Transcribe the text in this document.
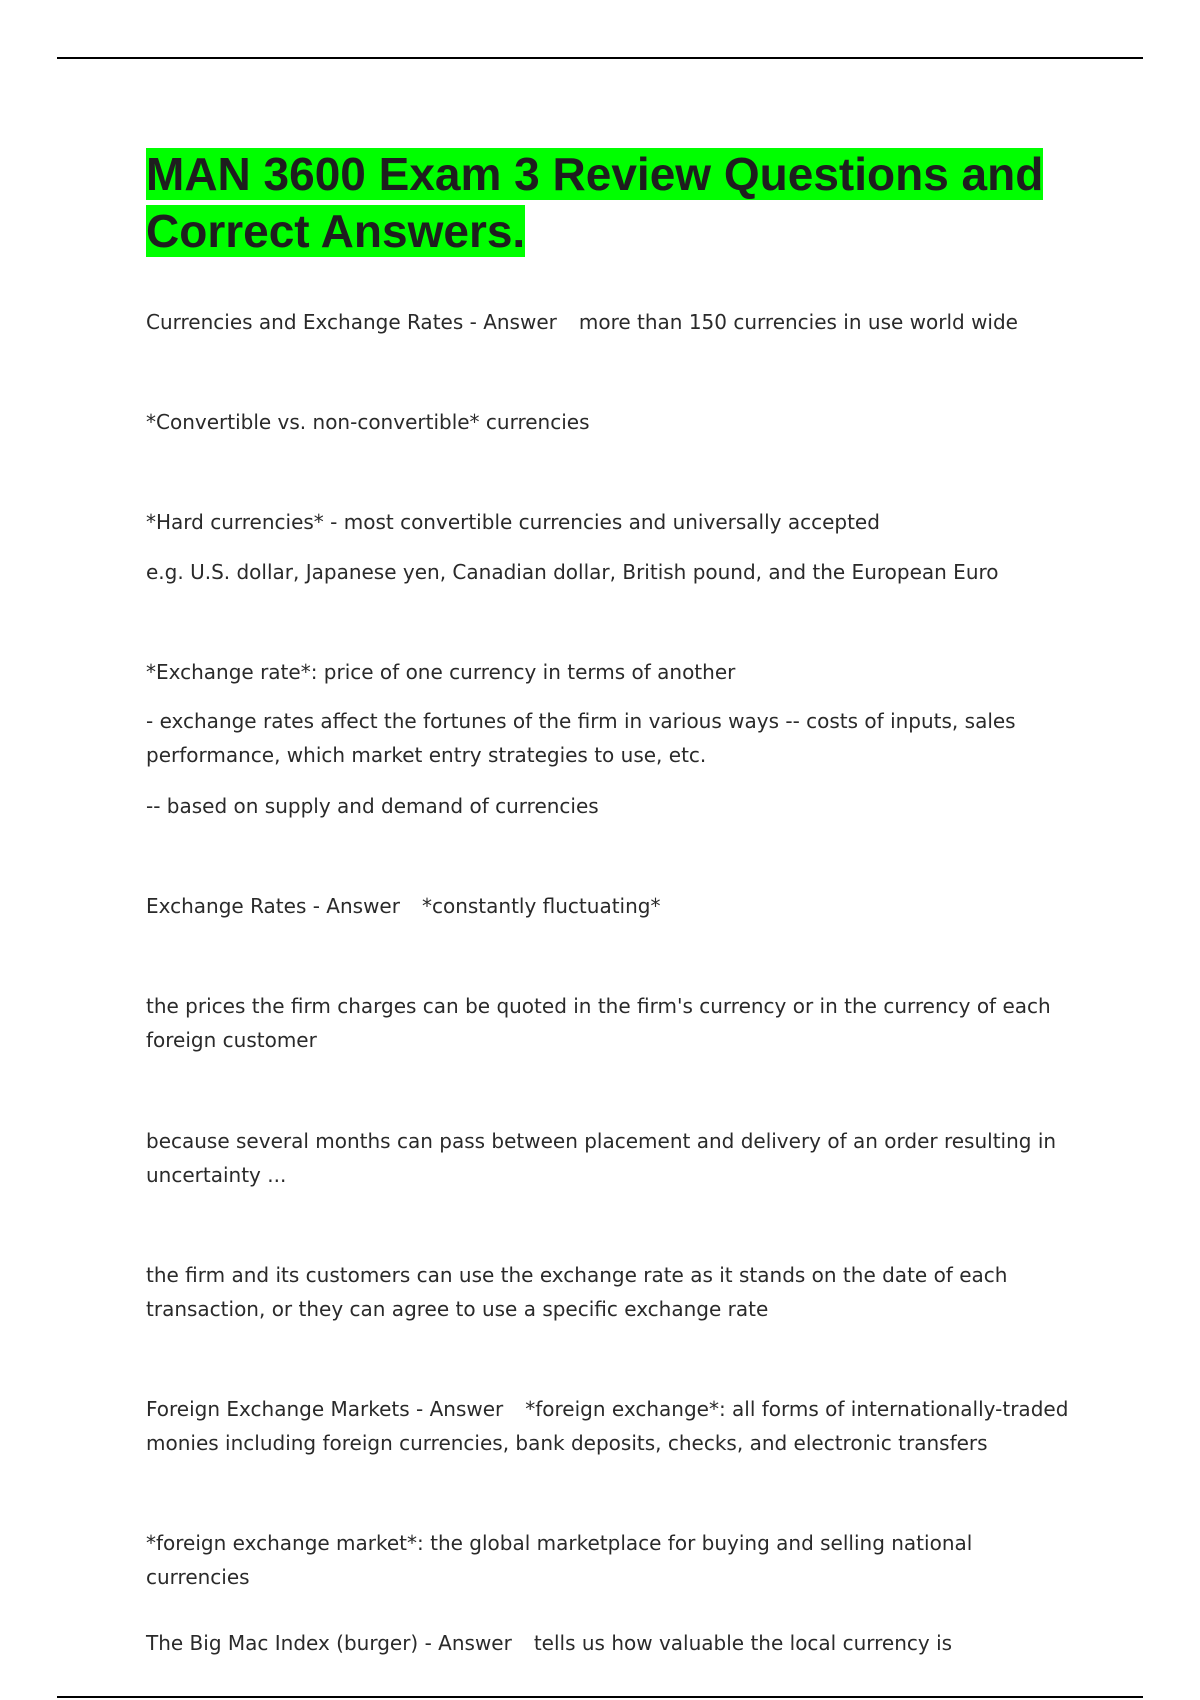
MAN 3600 Exam 3 Review Questions and Correct Answers.

Currencies and Exchange Rates - Answer more than 150 currencies in use world wide

*Convertible vs. non-convertible* currencies

*Hard currencies* - most convertible currencies and universally accepted

e.g. U.S. dollar, Japanese yen, Canadian dollar, British pound, and the European Euro

*Exchange rate*: price of one currency in terms of another

- exchange rates affect the fortunes of the firm in various ways -- costs of inputs, sales performance, which market entry strategies to use, etc.

-- based on supply and demand of currencies

Exchange Rates - Answer *constantly fluctuating*

the prices the firm charges can be quoted in the firm's currency or in the currency of each foreign customer

because several months can pass between placement and delivery of an order resulting in uncertainty ...

the firm and its customers can use the exchange rate as it stands on the date of each transaction, or they can agree to use a specific exchange rate

Foreign Exchange Markets - Answer *foreign exchange*: all forms of internationally-traded monies including foreign currencies, bank deposits, checks, and electronic transfers

*foreign exchange market*: the global marketplace for buying and selling national currencies

The Big Mac Index (burger) - Answer tells us how valuable the local currency is
